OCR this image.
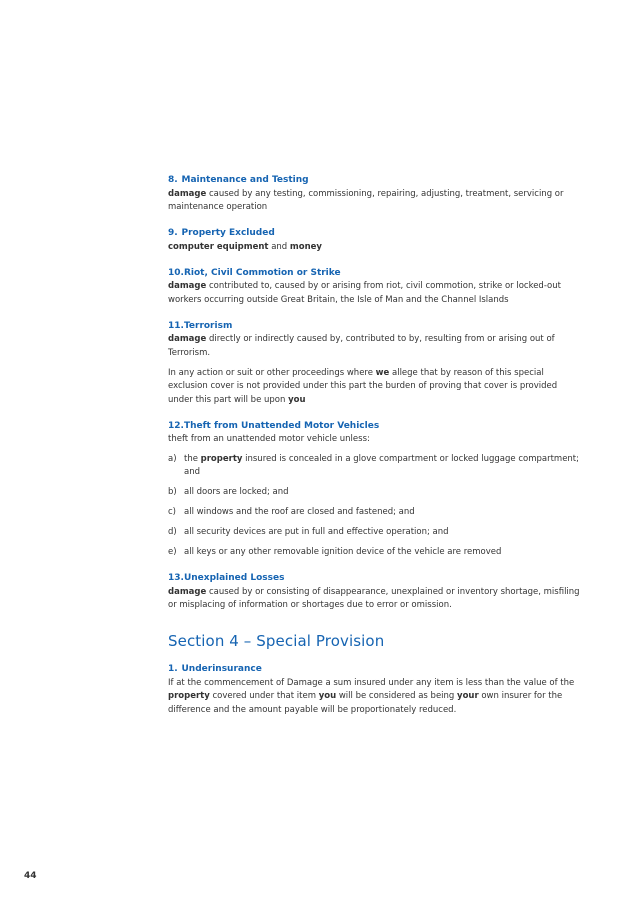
8. Maintenance and Testing

damage caused by any testing, commissioning, repairing, adjusting, treatment, servicing or maintenance operation

9. Property Excluded

computer equipment and money

10.Riot, Civil Commotion or Strike

damage contributed to, caused by or arising from riot, civil commotion, strike or locked-out workers occurring outside Great Britain, the Isle of Man and the Channel Islands

11.Terrorism

damage directly or indirectly caused by, contributed to by, resulting from or arising out of Terrorism.

In any action or suit or other proceedings where we allege that by reason of this special exclusion cover is not provided under this part the burden of proving that cover is provided under this part will be upon you

12.Theft from Unattended Motor Vehicles

theft from an unattended motor vehicle unless:

a) the property insured is concealed in a glove compartment or locked luggage compartment; and
b) all doors are locked; and
c) all windows and the roof are closed and fastened; and
d) all security devices are put in full and effective operation; and
e) all keys or any other removable ignition device of the vehicle are removed
13.Unexplained Losses

damage caused by or consisting of disappearance, unexplained or inventory shortage, misfiling or misplacing of information or shortages due to error or omission.

Section 4 – Special Provision
1. Underinsurance

If at the commencement of Damage a sum insured under any item is less than the value of the property covered under that item you will be considered as being your own insurer for the difference and the amount payable will be proportionately reduced.

44
